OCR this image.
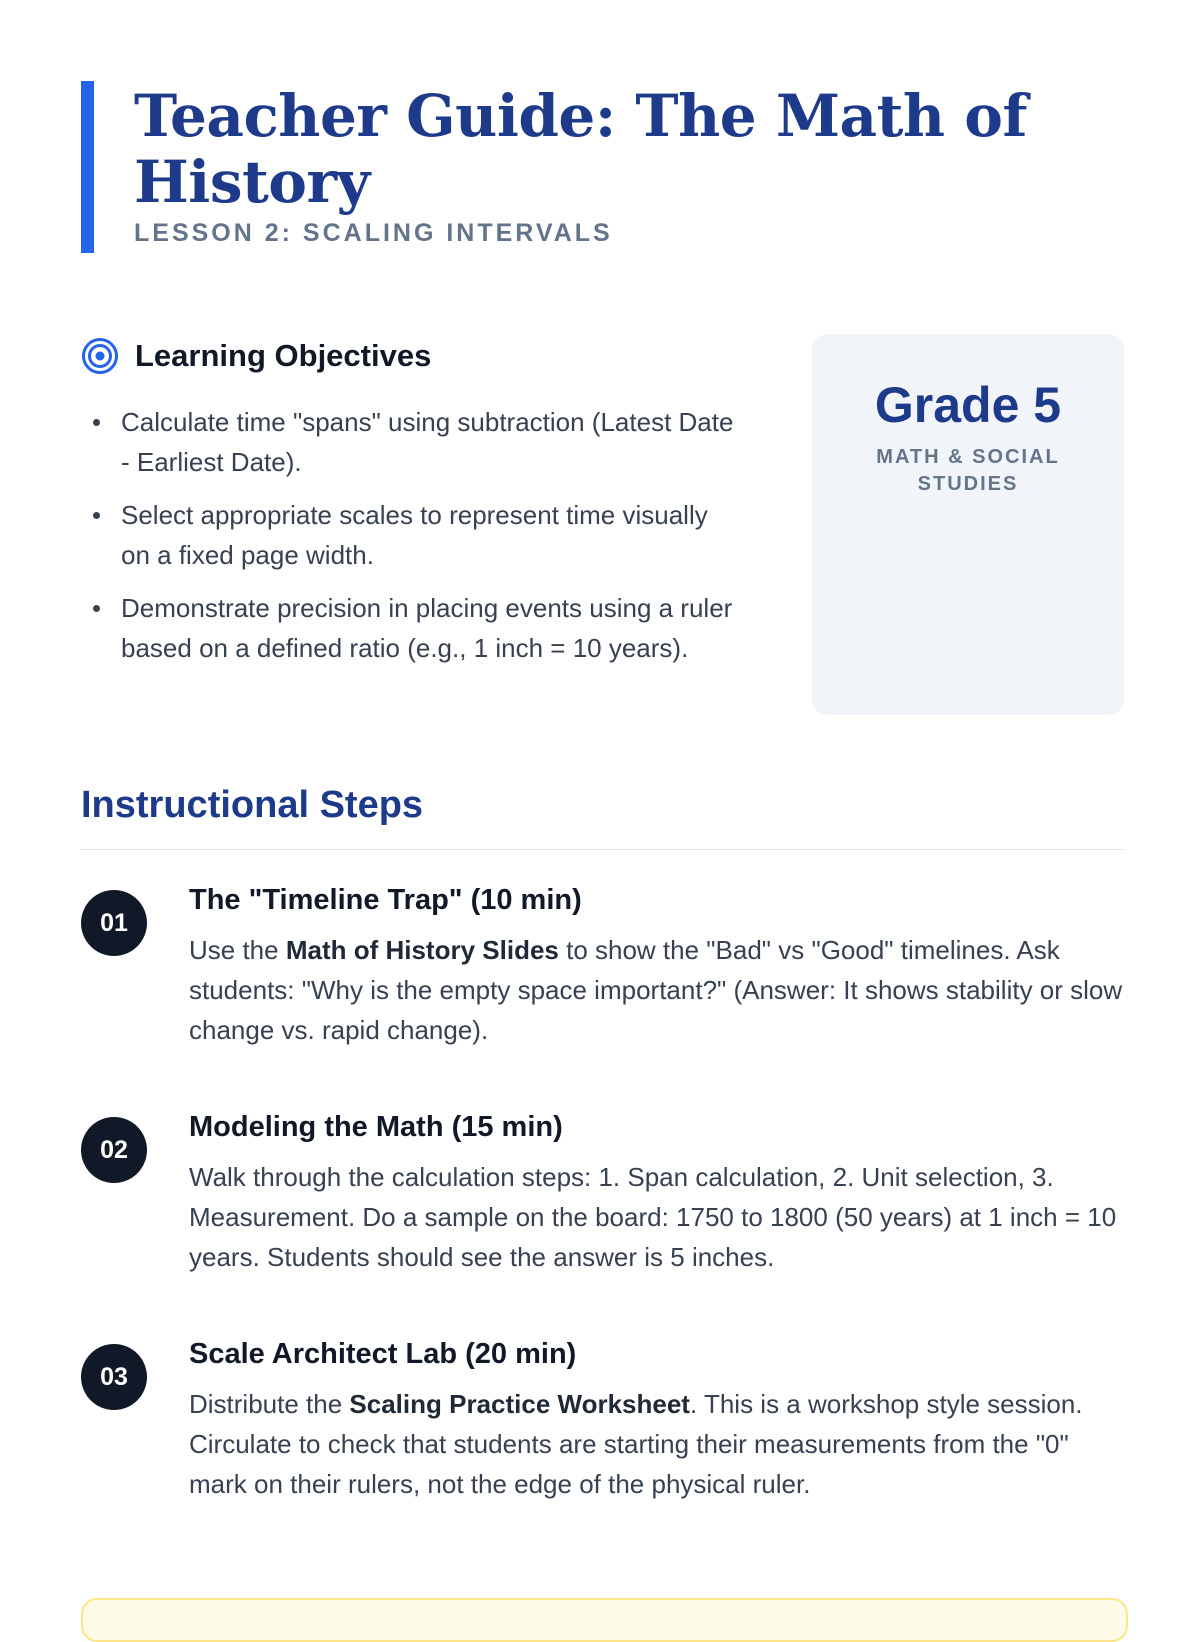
Teacher Guide: The Math of History
LESSON 2: SCALING INTERVALS
Learning Objectives
Calculate time "spans" using subtraction (Latest Date - Earliest Date).
Select appropriate scales to represent time visually on a fixed page width.
Demonstrate precision in placing events using a ruler based on a defined ratio (e.g., 1 inch = 10 years).
Grade 5
MATH & SOCIAL STUDIES
Instructional Steps
01
The "Timeline Trap" (10 min)
Use the Math of History Slides to show the "Bad" vs "Good" timelines. Ask students: "Why is the empty space important?" (Answer: It shows stability or slow change vs. rapid change).
02
Modeling the Math (15 min)
Walk through the calculation steps: 1. Span calculation, 2. Unit selection, 3. Measurement. Do a sample on the board: 1750 to 1800 (50 years) at 1 inch = 10 years. Students should see the answer is 5 inches.
03
Scale Architect Lab (20 min)
Distribute the Scaling Practice Worksheet. This is a workshop style session. Circulate to check that students are starting their measurements from the "0" mark on their rulers, not the edge of the physical ruler.
